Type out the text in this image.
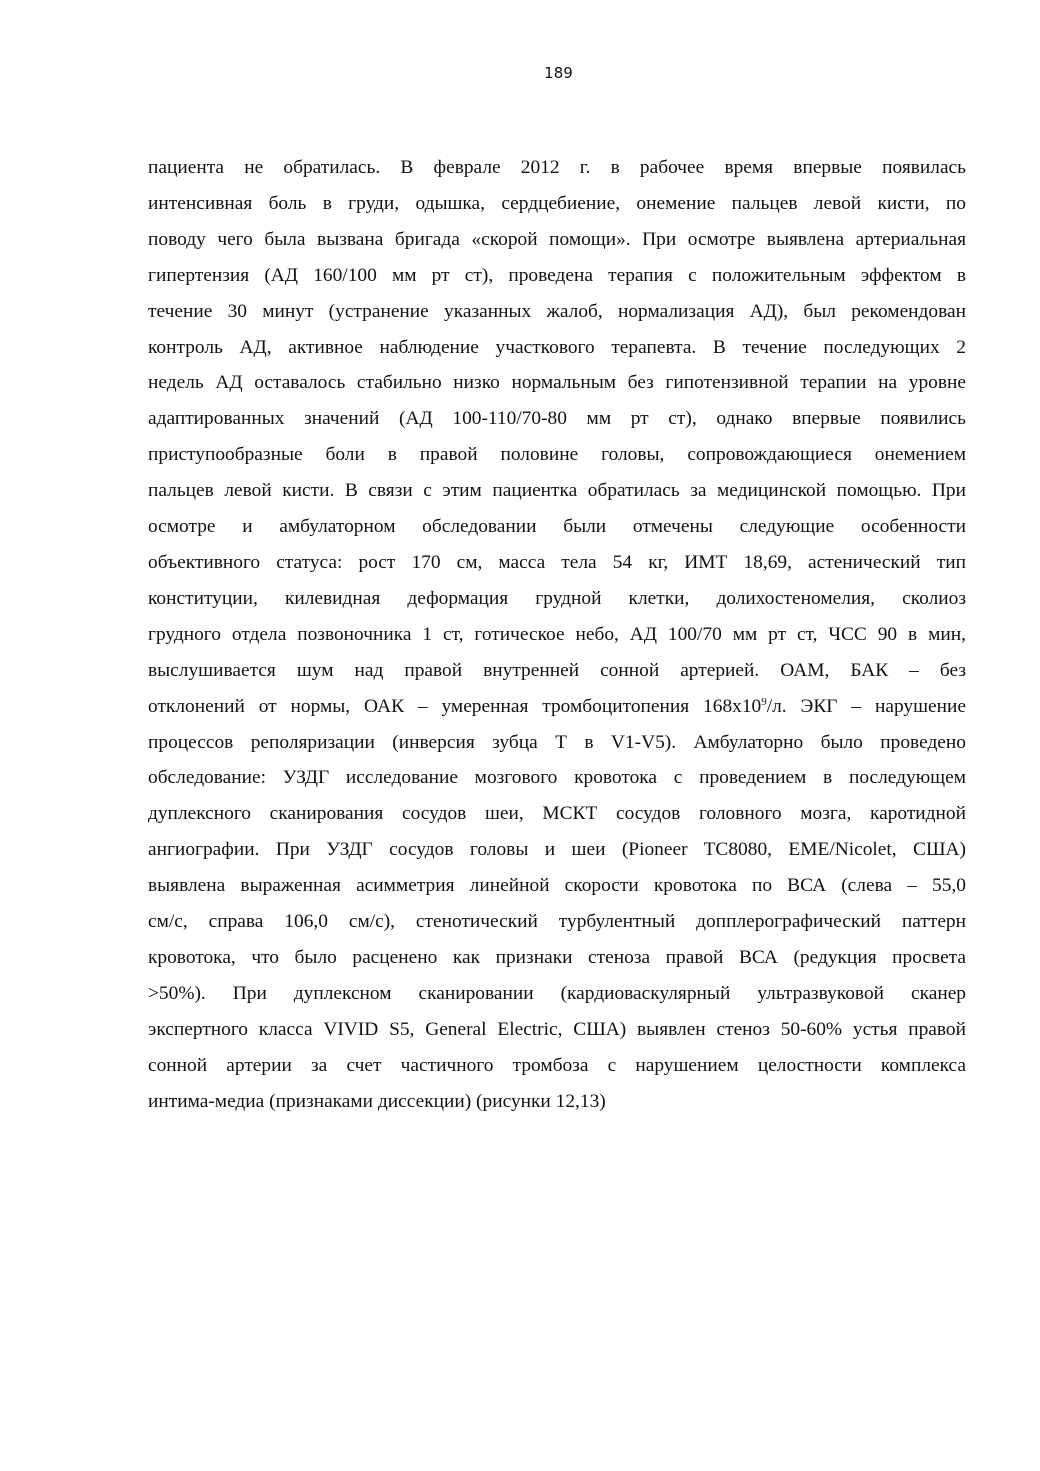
189
пациента не обратилась. В феврале 2012 г. в рабочее время впервые появилась
интенсивная боль в груди, одышка, сердцебиение, онемение пальцев левой кисти, по
поводу чего была вызвана бригада «скорой помощи». При осмотре выявлена артериальная
гипертензия (АД 160/100 мм рт ст), проведена терапия с положительным эффектом в
течение 30 минут (устранение указанных жалоб, нормализация АД), был рекомендован
контроль АД, активное наблюдение участкового терапевта. В течение последующих 2
недель АД оставалось стабильно низко нормальным без гипотензивной терапии на уровне
адаптированных значений (АД 100-110/70-80 мм рт ст), однако впервые появились
приступообразные боли в правой половине головы, сопровождающиеся онемением
пальцев левой кисти. В связи с этим пациентка обратилась за медицинской помощью. При
осмотре и амбулаторном обследовании были отмечены следующие особенности
объективного статуса: рост 170 см, масса тела 54 кг, ИМТ 18,69, астенический тип
конституции, килевидная деформация грудной клетки, долихостеномелия, сколиоз
грудного отдела позвоночника 1 ст, готическое небо, АД 100/70 мм рт ст, ЧСС 90 в мин,
выслушивается шум над правой внутренней сонной артерией. ОАМ, БАК – без
отклонений от нормы, ОАК – умеренная тромбоцитопения $168х10^9/л$. ЭКГ – нарушение
процессов реполяризации (инверсия зубца Т в V1-V5). Амбулаторно было проведено
обследование: УЗДГ исследование мозгового кровотока с проведением в последующем
дуплексного сканирования сосудов шеи, МСКТ сосудов головного мозга, каротидной
ангиографии. При УЗДГ сосудов головы и шеи (Pioneer TC8080, EME/Nicolet, США)
выявлена выраженная асимметрия линейной скорости кровотока по ВСА (слева – 55,0
см/с, справа 106,0 см/с), стенотический турбулентный допплерографический паттерн
кровотока, что было расценено как признаки стеноза правой ВСА (редукция просвета
>50%). При дуплексном сканировании (кардиоваскулярный ультразвуковой сканер
экспертного класса VIVID S5, General Electric, США) выявлен стеноз 50-60% устья правой
сонной артерии за счет частичного тромбоза с нарушением целостности комплекса
интима-медиа (признаками диссекции) (рисунки 12,13)
